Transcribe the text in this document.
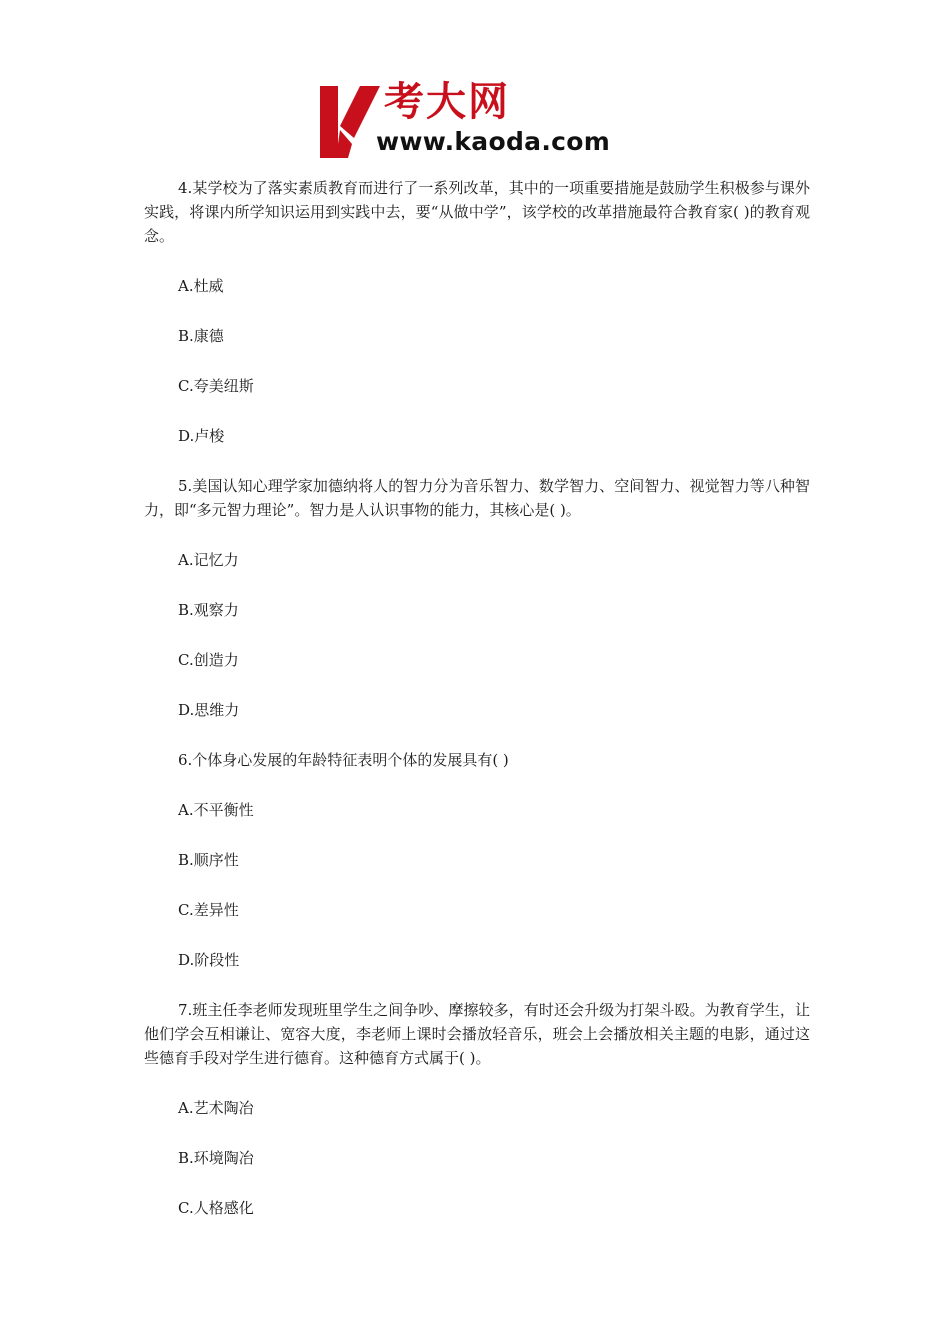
考大网
www.kaoda.com

4.某学校为了落实素质教育而进行了一系列改革，其中的一项重要措施是鼓励学生积极参与课外实践，将课内所学知识运用到实践中去，要“从做中学”，该学校的改革措施最符合教育家( )的教育观念。

A.杜威

B.康德

C.夸美纽斯

D.卢梭

5.美国认知心理学家加德纳将人的智力分为音乐智力、数学智力、空间智力、视觉智力等八种智力，即“多元智力理论”。智力是人认识事物的能力，其核心是( )。

A.记忆力

B.观察力

C.创造力

D.思维力

6.个体身心发展的年龄特征表明个体的发展具有( )

A.不平衡性

B.顺序性

C.差异性

D.阶段性

7.班主任李老师发现班里学生之间争吵、摩擦较多，有时还会升级为打架斗殴。为教育学生，让他们学会互相谦让、宽容大度，李老师上课时会播放轻音乐，班会上会播放相关主题的电影，通过这些德育手段对学生进行德育。这种德育方式属于( )。

A.艺术陶冶

B.环境陶冶

C.人格感化
